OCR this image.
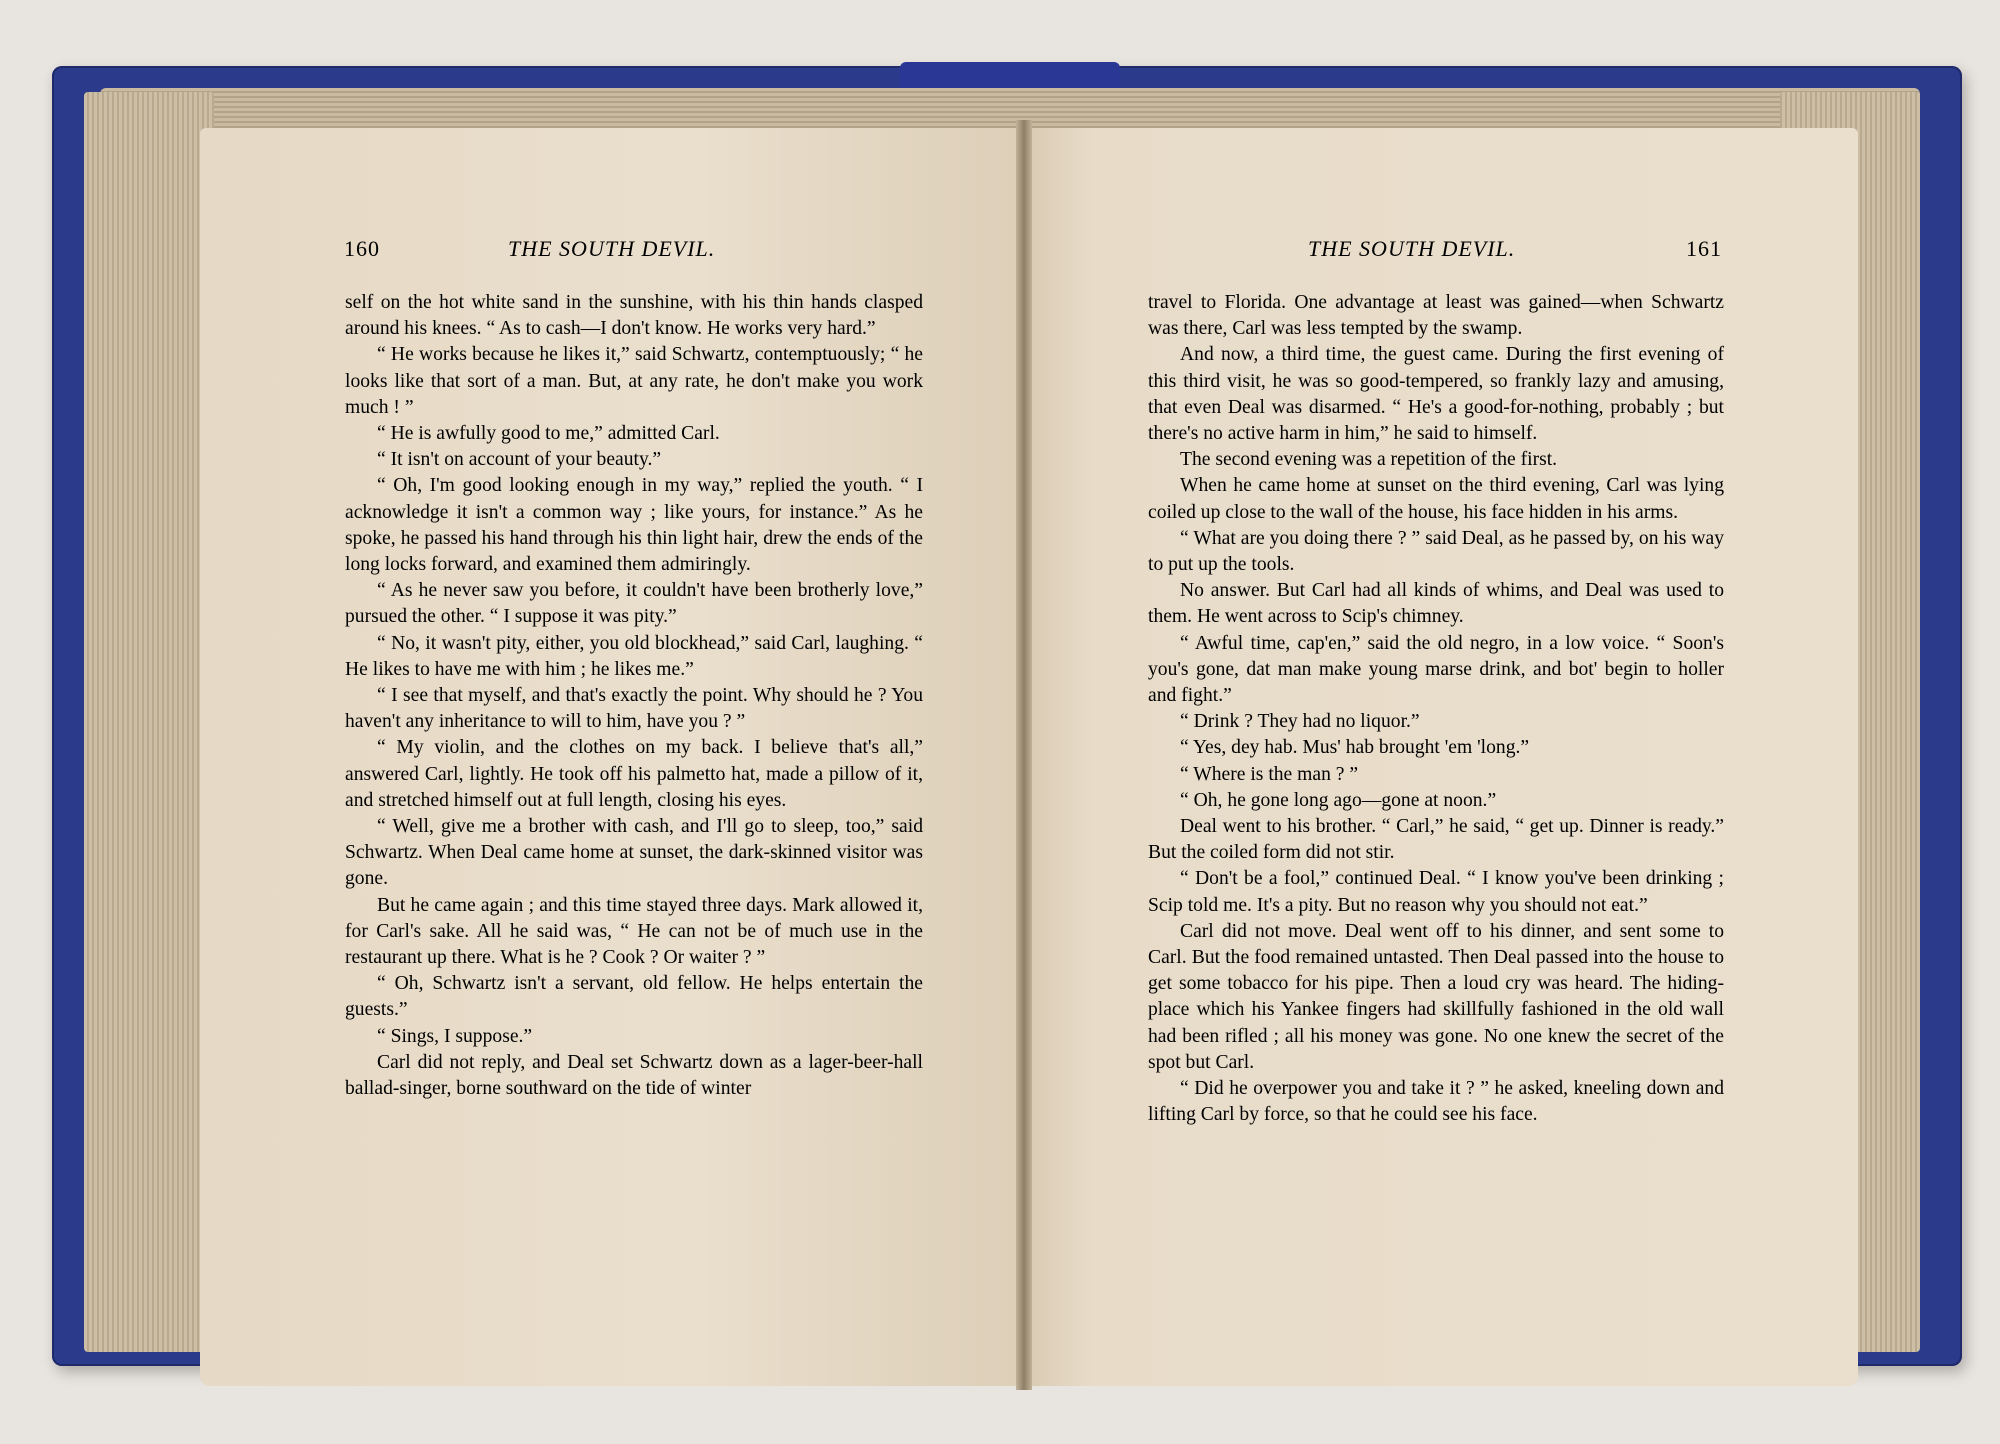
160	THE SOUTH DEVIL.	THE SOUTH DEVIL.	161

self on the hot white sand in the sunshine, with his thin hands clasped around his knees. “ As to cash—I don't know. He works very hard.”

“ He works because he likes it,” said Schwartz, contemptuously; “ he looks like that sort of a man. But, at any rate, he don't make you work much ! ”

“ He is awfully good to me,” admitted Carl.

“ It isn't on account of your beauty.”

“ Oh, I'm good looking enough in my way,” replied the youth. “ I acknowledge it isn't a common way ; like yours, for instance.” As he spoke, he passed his hand through his thin light hair, drew the ends of the long locks forward, and examined them admiringly.

“ As he never saw you before, it couldn't have been brotherly love,” pursued the other. “ I suppose it was pity.”

“ No, it wasn't pity, either, you old blockhead,” said Carl, laughing. “ He likes to have me with him ; he likes me.”

“ I see that myself, and that's exactly the point. Why should he ? You haven't any inheritance to will to him, have you ? ”

“ My violin, and the clothes on my back. I believe that's all,” answered Carl, lightly. He took off his palmetto hat, made a pillow of it, and stretched himself out at full length, closing his eyes.

“ Well, give me a brother with cash, and I'll go to sleep, too,” said Schwartz. When Deal came home at sunset, the dark-skinned visitor was gone.

But he came again ; and this time stayed three days. Mark allowed it, for Carl's sake. All he said was, “ He can not be of much use in the restaurant up there. What is he ? Cook ? Or waiter ? ”

“ Oh, Schwartz isn't a servant, old fellow. He helps entertain the guests.”

“ Sings, I suppose.”

Carl did not reply, and Deal set Schwartz down as a lager-beer-hall ballad-singer, borne southward on the tide of winter

travel to Florida. One advantage at least was gained—when Schwartz was there, Carl was less tempted by the swamp.

And now, a third time, the guest came. During the first evening of this third visit, he was so good-tempered, so frankly lazy and amusing, that even Deal was disarmed. “ He's a good-for-nothing, probably ; but there's no active harm in him,” he said to himself.

The second evening was a repetition of the first.

When he came home at sunset on the third evening, Carl was lying coiled up close to the wall of the house, his face hidden in his arms.

“ What are you doing there ? ” said Deal, as he passed by, on his way to put up the tools.

No answer. But Carl had all kinds of whims, and Deal was used to them. He went across to Scip's chimney.

“ Awful time, cap'en,” said the old negro, in a low voice. “ Soon's you's gone, dat man make young marse drink, and bot' begin to holler and fight.”

“ Drink ? They had no liquor.”

“ Yes, dey hab. Mus' hab brought 'em 'long.”

“ Where is the man ? ”

“ Oh, he gone long ago—gone at noon.”

Deal went to his brother. “ Carl,” he said, “ get up. Dinner is ready.” But the coiled form did not stir.

“ Don't be a fool,” continued Deal. “ I know you've been drinking ; Scip told me. It's a pity. But no reason why you should not eat.”

Carl did not move. Deal went off to his dinner, and sent some to Carl. But the food remained untasted. Then Deal passed into the house to get some tobacco for his pipe. Then a loud cry was heard. The hiding-place which his Yankee fingers had skillfully fashioned in the old wall had been rifled ; all his money was gone. No one knew the secret of the spot but Carl.

“ Did he overpower you and take it ? ” he asked, kneeling down and lifting Carl by force, so that he could see his face.
